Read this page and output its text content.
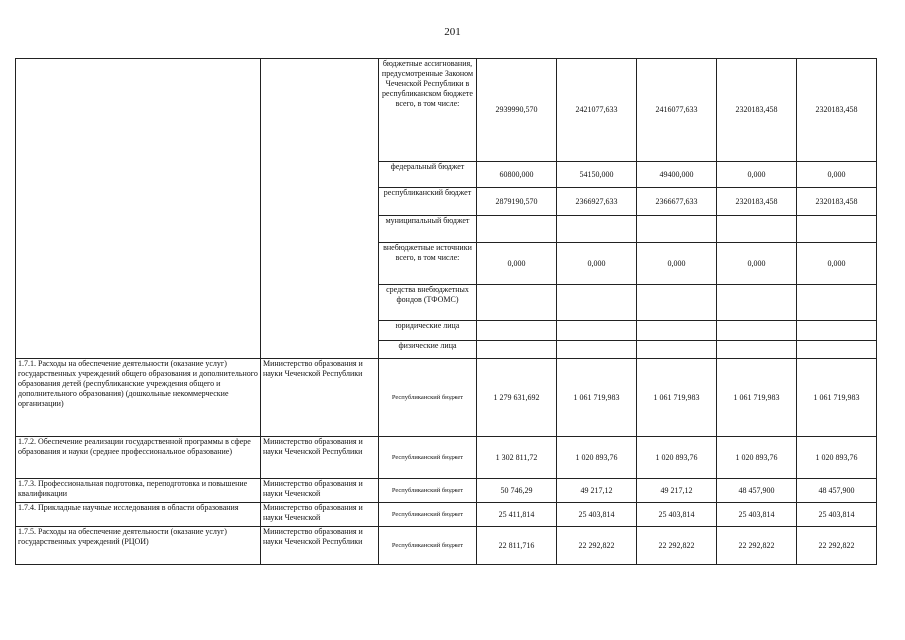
201
		бюджетные ассигнования, предусмотренные Законом Чеченской Республики в республиканском бюджете всего, в том числе:	2939990,570	2421077,633	2416077,633	2320183,458	2320183,458
		федеральный бюджет	60800,000	54150,000	49400,000	0,000	0,000
		республиканский бюджет	2879190,570	2366927,633	2366677,633	2320183,458	2320183,458
		муниципальный бюджет					
		внебюджетные источники всего, в том числе:	0,000	0,000	0,000	0,000	0,000
		средства внебюджетных фондов (ТФОМС)					
		юридические лица					
		физические лица					
1.7.1. Расходы на обеспечение деятельности (оказание услуг) государственных учреждений общего образования и дополнительного образования детей (республиканские учреждения общего и дополнительного образования) (дошкольные некоммерческие организации)	Министерство образования и науки Чеченской Республики	Республиканский бюджет	1 279 631,692	1 061 719,983	1 061 719,983	1 061 719,983	1 061 719,983
1.7.2. Обеспечение реализации государственной программы в сфере образования и науки (среднее профессиональное образование)	Министерство образования и науки Чеченской Республики	Республиканский бюджет	1 302 811,72	1 020 893,76	1 020 893,76	1 020 893,76	1 020 893,76
1.7.3. Профессиональная подготовка, переподготовка и повышение квалификации	Министерство образования и науки Чеченской	Республиканский бюджет	50 746,29	49 217,12	49 217,12	48 457,900	48 457,900
1.7.4. Прикладные научные исследования в области образования	Министерство образования и науки Чеченской	Республиканский бюджет	25 411,814	25 403,814	25 403,814	25 403,814	25 403,814
1.7.5. Расходы на обеспечение деятельности (оказание услуг) государственных учреждений (РЦОИ)	Министерство образования и науки Чеченской Республики	Республиканский бюджет	22 811,716	22 292,822	22 292,822	22 292,822	22 292,822
